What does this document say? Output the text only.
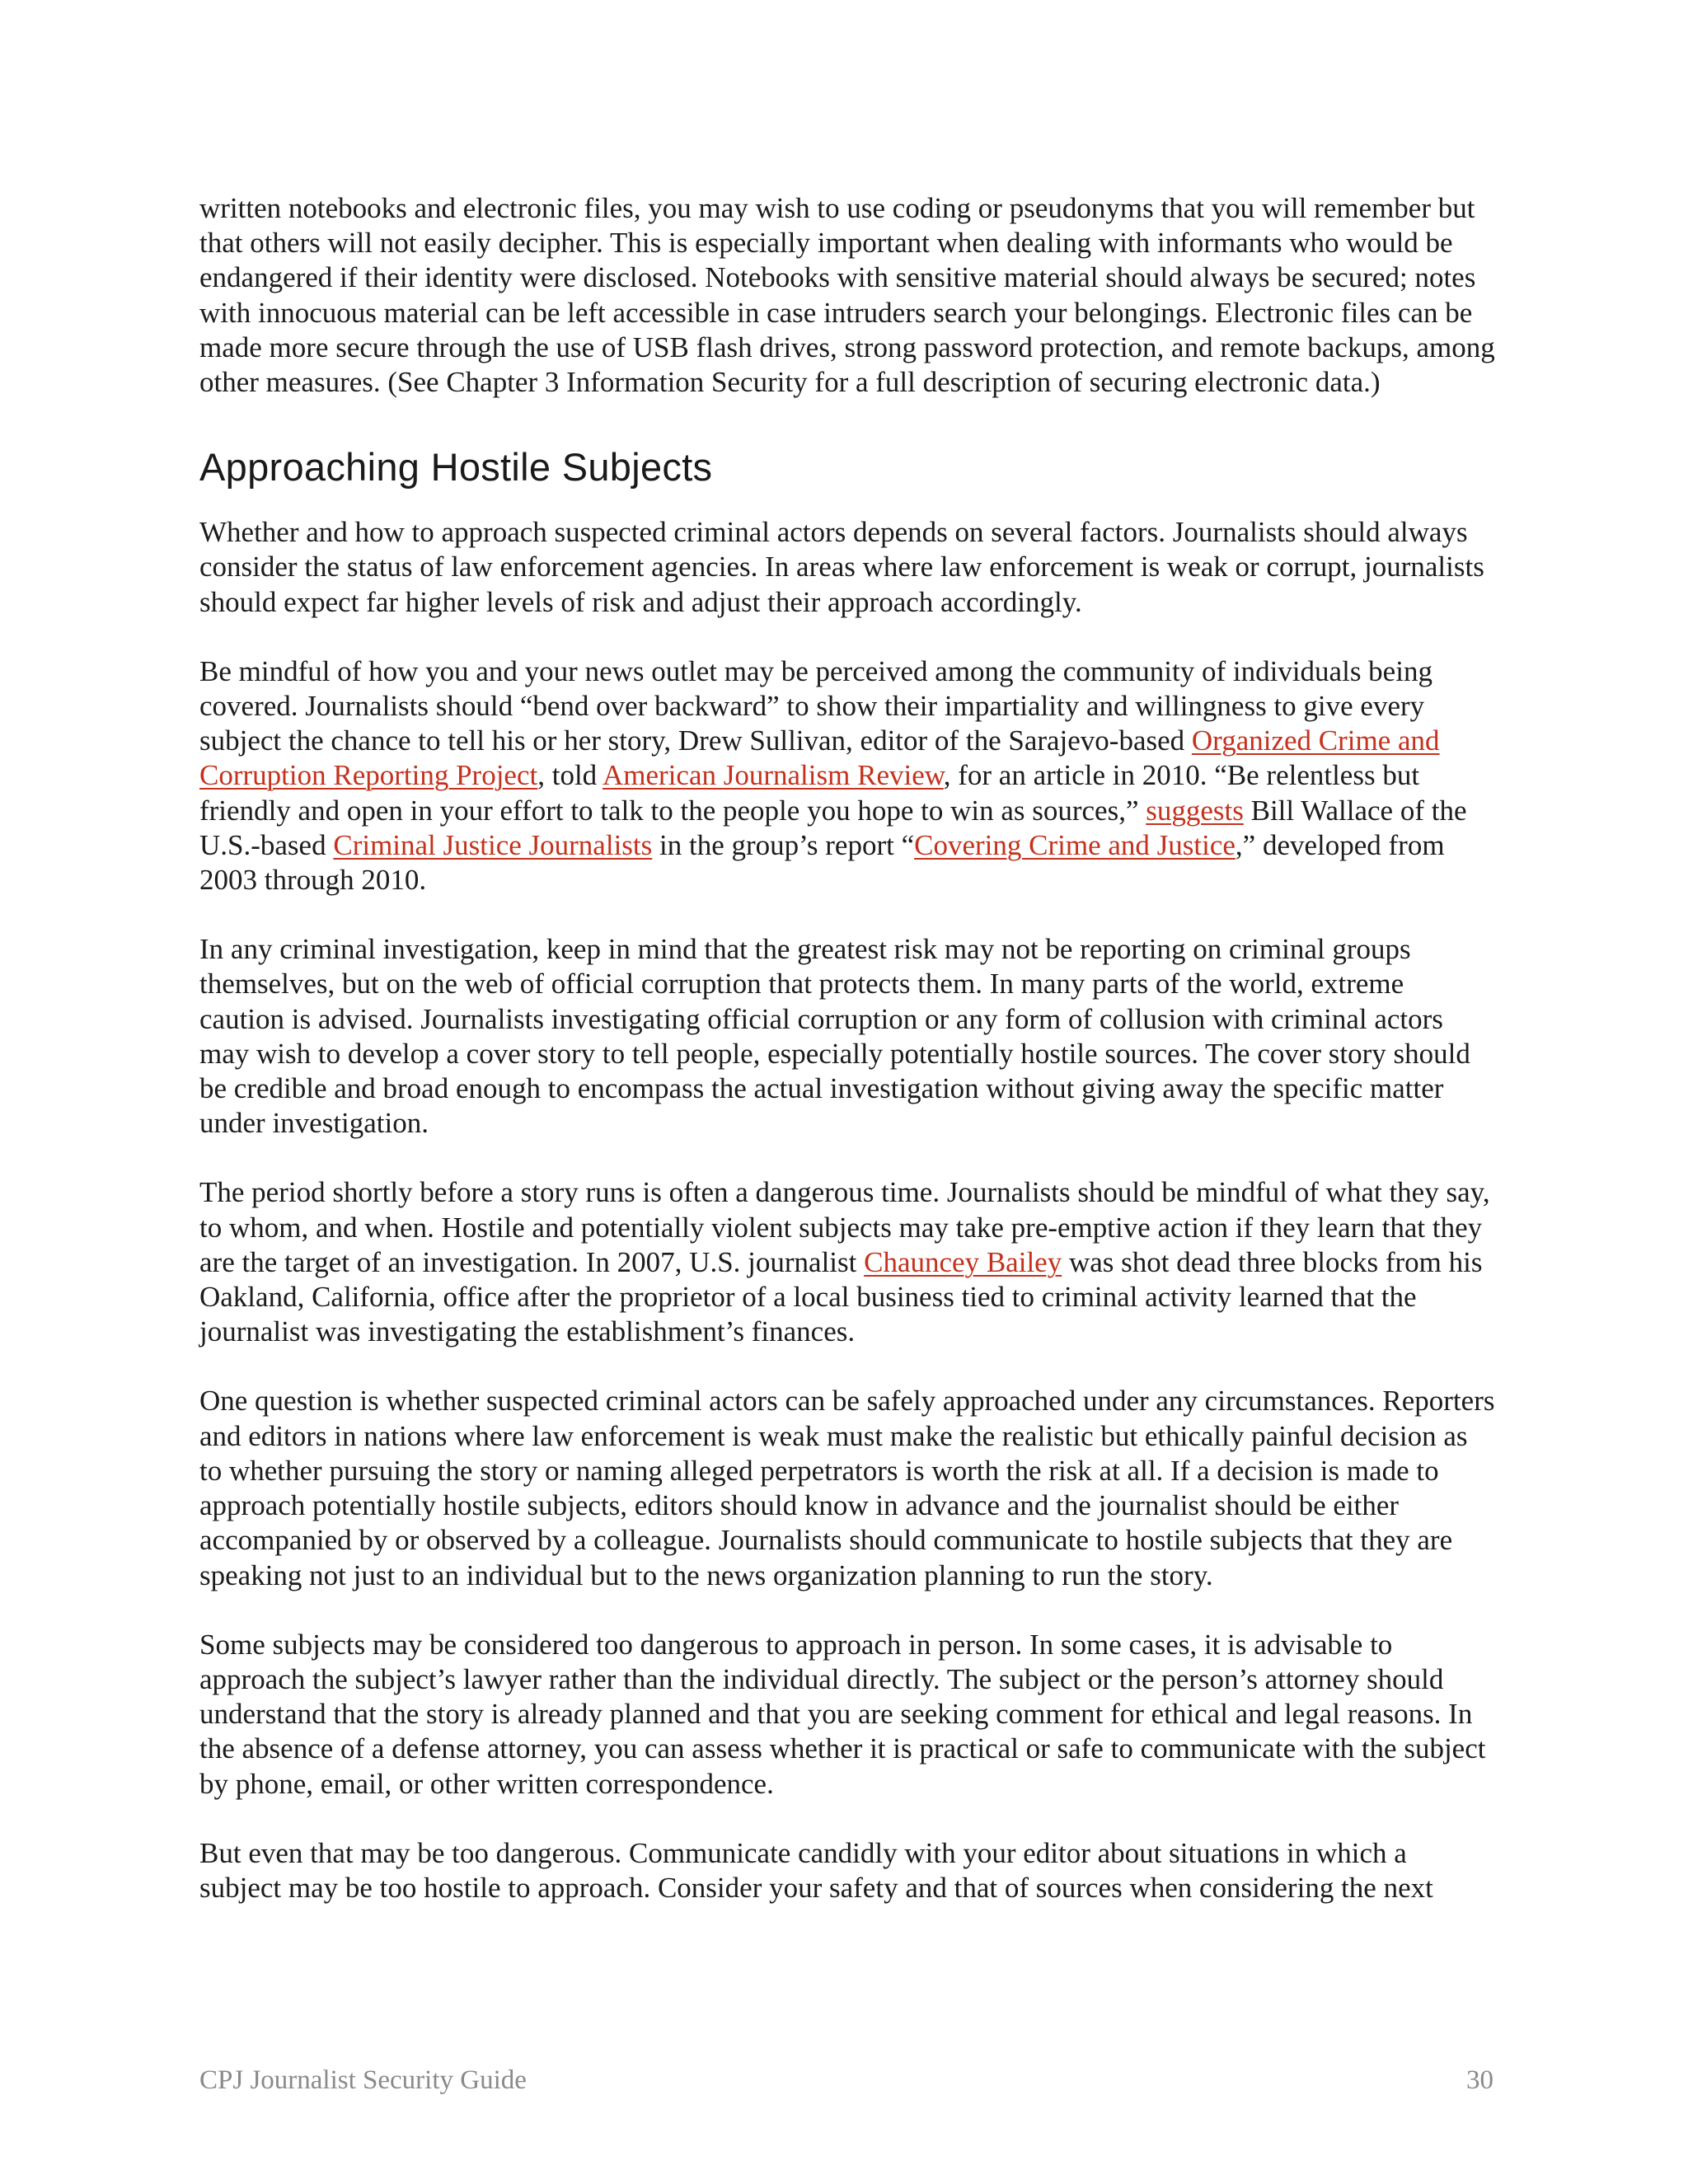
written notebooks and electronic files, you may wish to use coding or pseudonyms that you will remember but that others will not easily decipher. This is especially important when dealing with informants who would be endangered if their identity were disclosed. Notebooks with sensitive material should always be secured; notes with innocuous material can be left accessible in case intruders search your belongings. Electronic files can be made more secure through the use of USB flash drives, strong password protection, and remote backups, among other measures. (See Chapter 3 Information Security for a full description of securing electronic data.)

Approaching Hostile Subjects

Whether and how to approach suspected criminal actors depends on several factors. Journalists should always consider the status of law enforcement agencies. In areas where law enforcement is weak or corrupt, journalists should expect far higher levels of risk and adjust their approach accordingly.

Be mindful of how you and your news outlet may be perceived among the community of individuals being covered. Journalists should “bend over backward” to show their impartiality and willingness to give every subject the chance to tell his or her story, Drew Sullivan, editor of the Sarajevo-based Organized Crime and Corruption Reporting Project, told American Journalism Review, for an article in 2010. “Be relentless but friendly and open in your effort to talk to the people you hope to win as sources,” suggests Bill Wallace of the U.S.-based Criminal Justice Journalists in the group’s report “Covering Crime and Justice,” developed from 2003 through 2010.

In any criminal investigation, keep in mind that the greatest risk may not be reporting on criminal groups themselves, but on the web of official corruption that protects them. In many parts of the world, extreme caution is advised. Journalists investigating official corruption or any form of collusion with criminal actors may wish to develop a cover story to tell people, especially potentially hostile sources. The cover story should be credible and broad enough to encompass the actual investigation without giving away the specific matter under investigation.

The period shortly before a story runs is often a dangerous time. Journalists should be mindful of what they say, to whom, and when. Hostile and potentially violent subjects may take pre-emptive action if they learn that they are the target of an investigation. In 2007, U.S. journalist Chauncey Bailey was shot dead three blocks from his Oakland, California, office after the proprietor of a local business tied to criminal activity learned that the journalist was investigating the establishment’s finances.

One question is whether suspected criminal actors can be safely approached under any circumstances. Reporters and editors in nations where law enforcement is weak must make the realistic but ethically painful decision as to whether pursuing the story or naming alleged perpetrators is worth the risk at all. If a decision is made to approach potentially hostile subjects, editors should know in advance and the journalist should be either accompanied by or observed by a colleague. Journalists should communicate to hostile subjects that they are speaking not just to an individual but to the news organization planning to run the story.

Some subjects may be considered too dangerous to approach in person. In some cases, it is advisable to approach the subject’s lawyer rather than the individual directly. The subject or the person’s attorney should understand that the story is already planned and that you are seeking comment for ethical and legal reasons. In the absence of a defense attorney, you can assess whether it is practical or safe to communicate with the subject by phone, email, or other written correspondence.

But even that may be too dangerous. Communicate candidly with your editor about situations in which a subject may be too hostile to approach. Consider your safety and that of sources when considering the next

CPJ Journalist Security Guide	30
